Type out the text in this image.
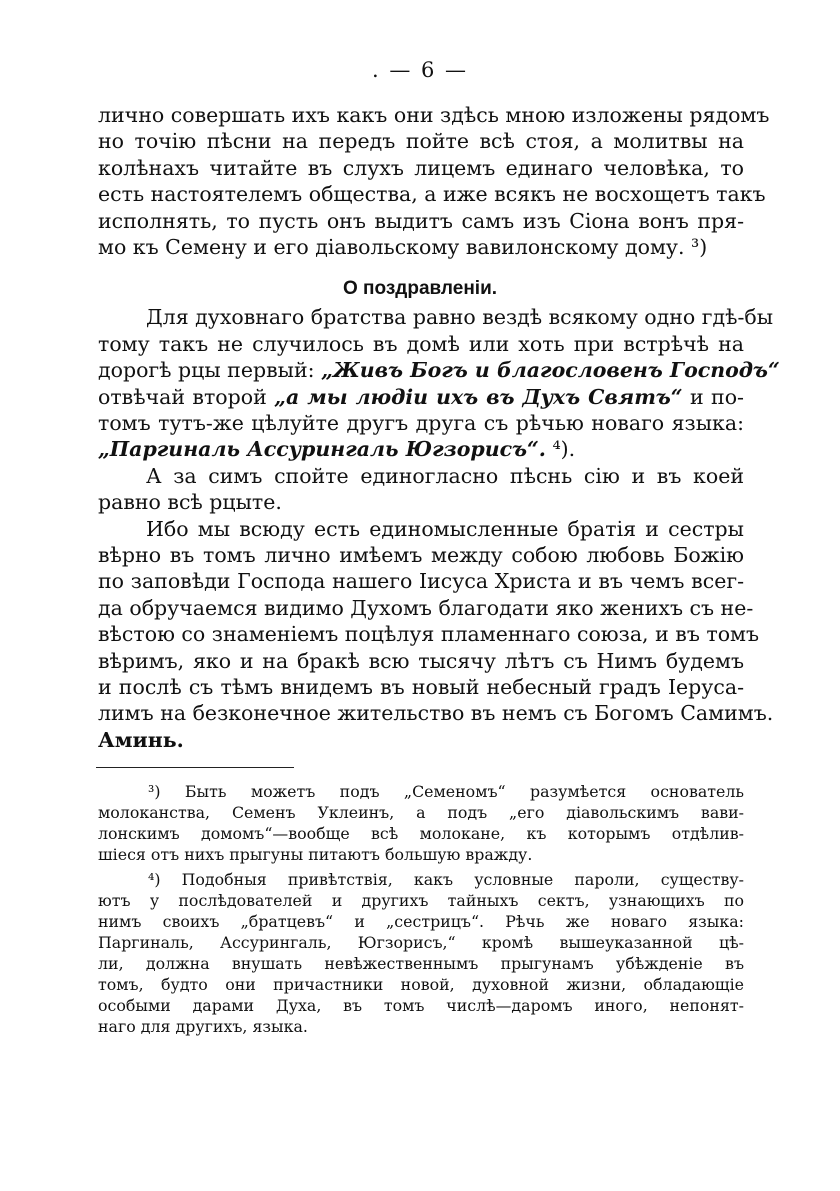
. — 6 —
лично совершать ихъ какъ они здѣсь мною изложены рядомъ
но точію пѣсни на передъ пойте всѣ стоя, а молитвы на
колѣнахъ читайте въ слухъ лицемъ единаго человѣка, то
есть настоятелемъ общества, а иже всякъ не восхощетъ такъ
исполнять, то пусть онъ выдитъ самъ изъ Сіона вонъ пря-
мо къ Семену и его діавольскому вавилонскому дому. ³)
О поздравленіи.
Для духовнаго братства равно вездѣ всякому одно гдѣ-бы
тому такъ не случилось въ домѣ или хоть при встрѣчѣ на
дорогѣ рцы первый: „Живъ Богъ и благословенъ Господъ“
отвѣчай второй „а мы людіи ихъ въ Духъ Святъ“ и по-
томъ тутъ-же цѣлуйте другъ друга съ рѣчью новаго языка:
„Паргиналь Ассурингаль Югзорисъ“. ⁴).
А за симъ спойте единогласно пѣснь сію и въ коей
равно всѣ рцыте.
Ибо мы всюду есть единомысленные братія и сестры
вѣрно въ томъ лично имѣемъ между собою любовь Божію
по заповѣди Господа нашего Іисуса Христа и въ чемъ всег-
да обручаемся видимо Духомъ благодати яко женихъ съ не-
вѣстою со знаменіемъ поцѣлуя пламеннаго союза, и въ томъ
вѣримъ, яко и на бракѣ всю тысячу лѣтъ съ Нимъ будемъ
и послѣ съ тѣмъ внидемъ въ новый небесный градъ Іерусa-
лимъ на безконечное жительство въ немъ съ Богомъ Самимъ.
Аминь.
³) Быть можетъ подъ „Семеномъ“ разумѣется основатель
молоканства, Семенъ Уклеинъ, а подъ „его діавольскимъ вави-
лонскимъ домомъ“—вообще всѣ молокане, къ которымъ отдѣлив-
шіеся отъ нихъ прыгуны питаютъ большую вражду.
⁴) Подобныя привѣтствія, какъ условные пароли, существу-
ютъ у послѣдователей и другихъ тайныхъ сектъ, узнающихъ по
нимъ своихъ „братцевъ“ и „сестрицъ“. Рѣчь же новаго языка:
Паргиналь, Ассурингаль, Югзорисъ,“ кромѣ вышеуказанной цѣ-
ли, должна внушать невѣжественнымъ прыгунамъ убѣжденіе въ
томъ, будто они причастники новой, духовной жизни, обладающіе
особыми дарами Духа, въ томъ числѣ—даромъ иного, непонят-
наго для другихъ, языка.
